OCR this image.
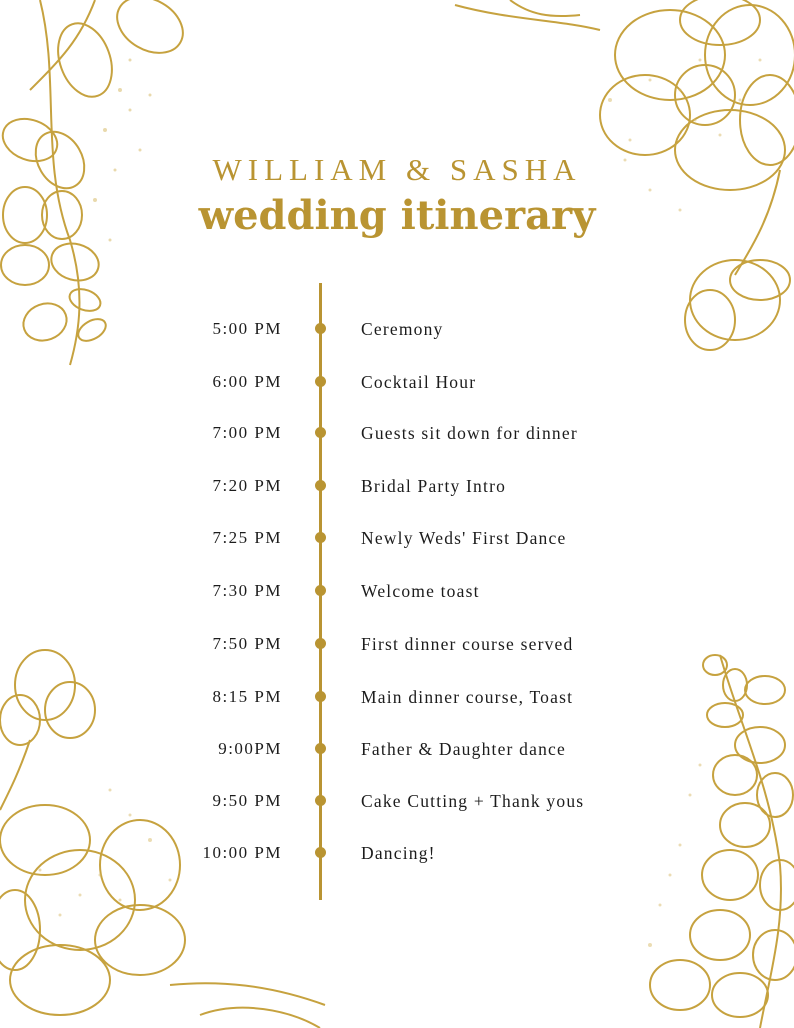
WILLIAM & SASHA
wedding itinerary
5:00 PM	Ceremony
6:00 PM	Cocktail Hour
7:00 PM	Guests sit down for dinner
7:20 PM	Bridal Party Intro
7:25 PM	Newly Weds' First Dance
7:30 PM	Welcome toast
7:50 PM	First dinner course served
8:15 PM	Main dinner course, Toast
9:00PM	Father & Daughter dance
9:50 PM	Cake Cutting + Thank yous
10:00 PM	Dancing!
